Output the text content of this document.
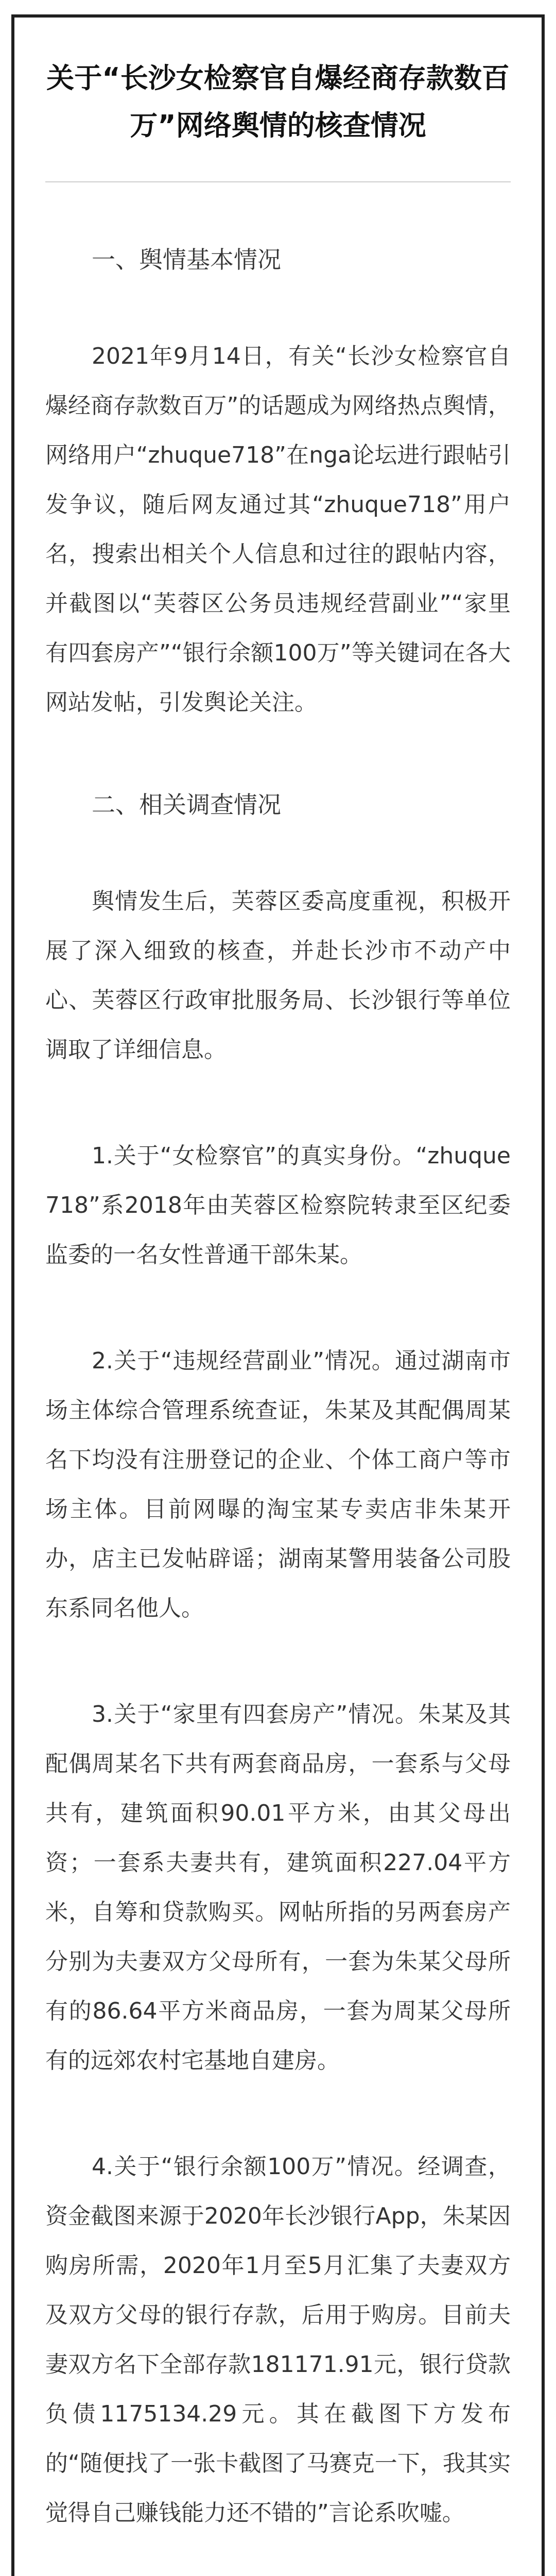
关于“长沙女检察官自爆经商存款数百万”网络舆情的核查情况
一、舆情基本情况
2021年9月14日，有关“长沙女检察官自爆经商存款数百万”的话题成为网络热点舆情，网络用户“zhuque718”在nga论坛进行跟帖引发争议，随后网友通过其“zhuque718”用户名，搜索出相关个人信息和过往的跟帖内容，并截图以“芙蓉区公务员违规经营副业”“家里有四套房产”“银行余额100万”等关键词在各大网站发帖，引发舆论关注。
二、相关调查情况
舆情发生后，芙蓉区委高度重视，积极开展了深入细致的核查，并赴长沙市不动产中心、芙蓉区行政审批服务局、长沙银行等单位调取了详细信息。
1.关于“女检察官”的真实身份。“zhuque718”系2018年由芙蓉区检察院转隶至区纪委监委的一名女性普通干部朱某。
2.关于“违规经营副业”情况。通过湖南市场主体综合管理系统查证，朱某及其配偶周某名下均没有注册登记的企业、个体工商户等市场主体。目前网曝的淘宝某专卖店非朱某开办，店主已发帖辟谣；湖南某警用装备公司股东系同名他人。
3.关于“家里有四套房产”情况。朱某及其配偶周某名下共有两套商品房，一套系与父母共有，建筑面积90.01平方米，由其父母出资；一套系夫妻共有，建筑面积227.04平方米，自筹和贷款购买。网帖所指的另两套房产分别为夫妻双方父母所有，一套为朱某父母所有的86.64平方米商品房，一套为周某父母所有的远郊农村宅基地自建房。
4.关于“银行余额100万”情况。经调查，资金截图来源于2020年长沙银行App，朱某因购房所需，2020年1月至5月汇集了夫妻双方及双方父母的银行存款，后用于购房。目前夫妻双方名下全部存款181171.91元，银行贷款负债1175134.29元。其在截图下方发布的“随便找了一张卡截图了马赛克一下，我其实觉得自己赚钱能力还不错的”言论系吹嘘。
